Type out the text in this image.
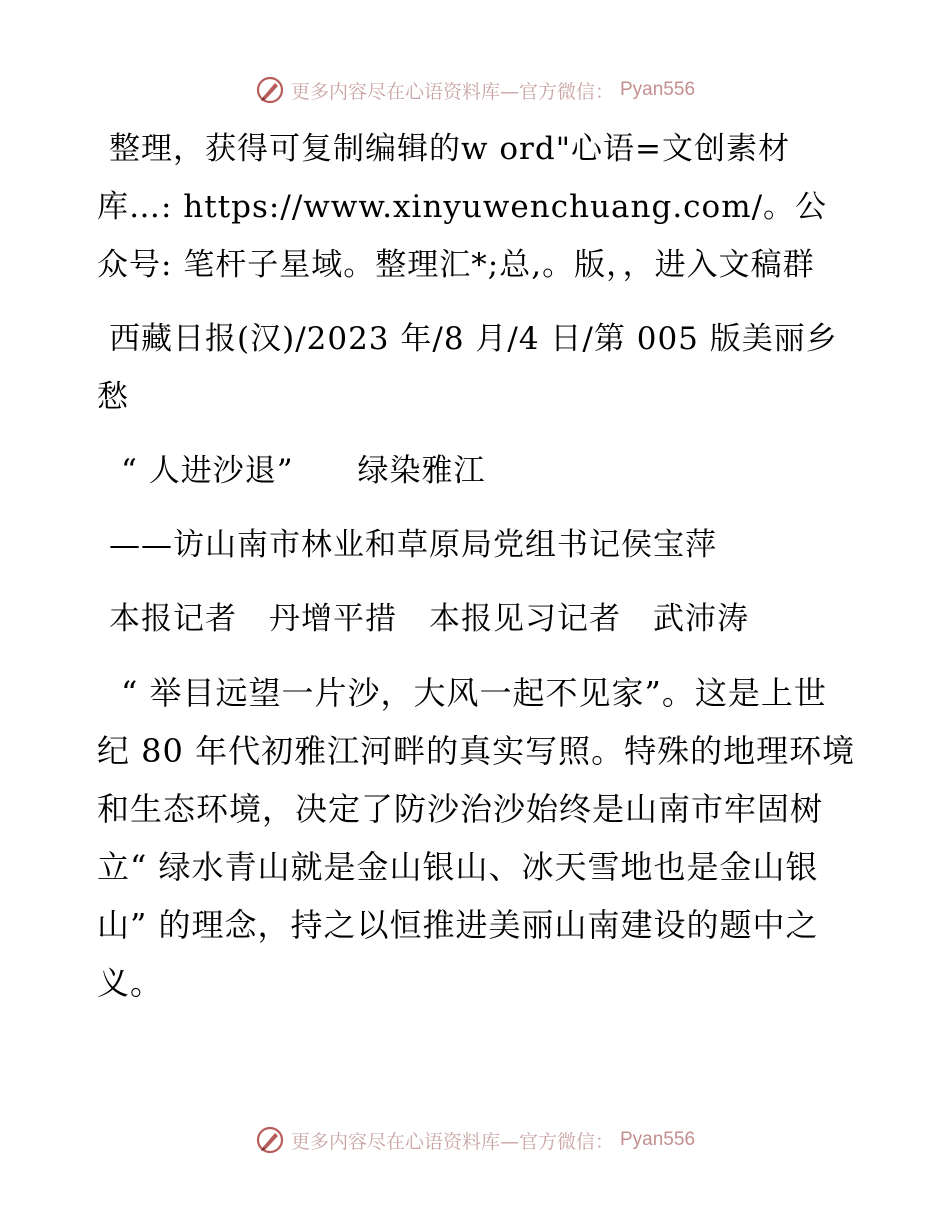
更多内容尽在心语资料库—官方微信： Pyan556

整理，获得可复制编辑的w ord"心语=文创素材库…: https://www.xinyuwenchuang.com/。公众号: 笔杆子星域。整理汇*;总,。版，，进入文稿群

西藏日报(汉)/2023 年/8 月/4 日/第 005 版美丽乡愁

“ 人进沙退”　　绿染雅江

——访山南市林业和草原局党组书记侯宝萍

本报记者　丹增平措　本报见习记者　武沛涛

“ 举目远望一片沙，大风一起不见家”。这是上世纪 80 年代初雅江河畔的真实写照。特殊的地理环境和生态环境，决定了防沙治沙始终是山南市牢固树立“ 绿水青山就是金山银山、冰天雪地也是金山银山” 的理念，持之以恒推进美丽山南建设的题中之义。

更多内容尽在心语资料库—官方微信： Pyan556
